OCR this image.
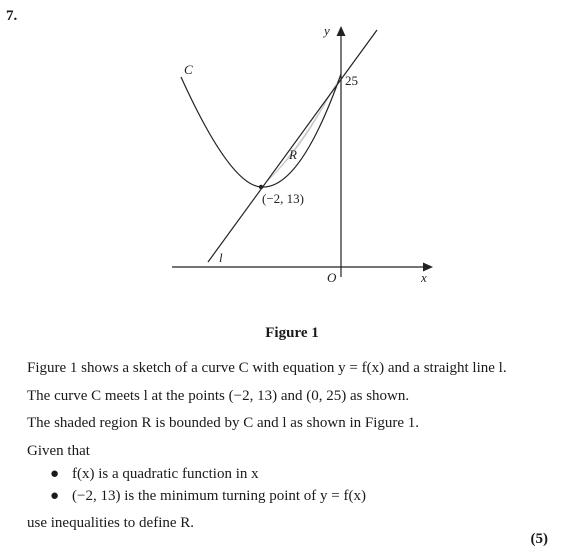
7.
C
l
R
y
x
O
25
(−2, 13)
Figure 1
Figure 1 shows a sketch of a curve C with equation y = f(x) and a straight line l.
The curve C meets l at the points (−2, 13) and (0, 25) as shown.
The shaded region R is bounded by C and l as shown in Figure 1.
Given that
● f(x) is a quadratic function in x
● (−2, 13) is the minimum turning point of y = f(x)
use inequalities to define R.
(5)
